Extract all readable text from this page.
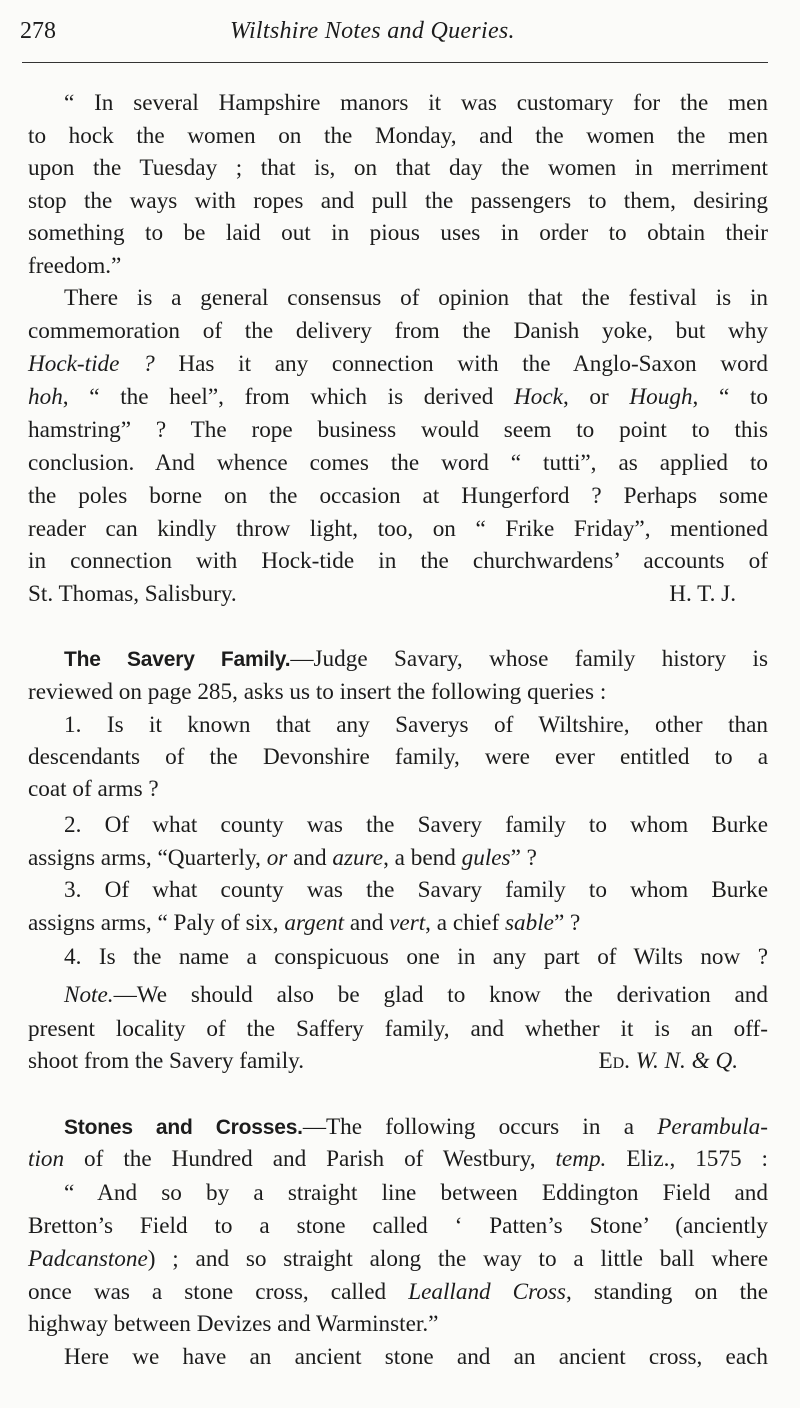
278	Wiltshire Notes and Queries.
“ In several Hampshire manors it was customary for the men
to hock the women on the Monday, and the women the men
upon the Tuesday ; that is, on that day the women in merriment
stop the ways with ropes and pull the passengers to them, desiring
something to be laid out in pious uses in order to obtain their
freedom.”
There is a general consensus of opinion that the festival is in
commemoration of the delivery from the Danish yoke, but why
Hock-tide ? Has it any connection with the Anglo-Saxon word
hoh, “ the heel”, from which is derived Hock, or Hough, “ to
hamstring” ? The rope business would seem to point to this
conclusion. And whence comes the word “ tutti”, as applied to
the poles borne on the occasion at Hungerford ? Perhaps some
reader can kindly throw light, too, on “ Frike Friday”, mentioned
in connection with Hock-tide in the churchwardens’ accounts of
St. Thomas, Salisbury.	H. T. J.
The Savery Family.—Judge Savary, whose family history is
reviewed on page 285, asks us to insert the following queries :
1. Is it known that any Saverys of Wiltshire, other than
descendants of the Devonshire family, were ever entitled to a
coat of arms ?
2. Of what county was the Savery family to whom Burke
assigns arms, “Quarterly, or and azure, a bend gules” ?
3. Of what county was the Savary family to whom Burke
assigns arms, “ Paly of six, argent and vert, a chief sable” ?
4. Is the name a conspicuous one in any part of Wilts now ?
Note.—We should also be glad to know the derivation and
present locality of the Saffery family, and whether it is an off-
shoot from the Savery family.	Ed. W. N. & Q.
Stones and Crosses.—The following occurs in a Perambula-
tion of the Hundred and Parish of Westbury, temp. Eliz., 1575 :
“ And so by a straight line between Eddington Field and
Bretton’s Field to a stone called ‘ Patten’s Stone’ (anciently
Padcanstone) ; and so straight along the way to a little ball where
once was a stone cross, called Lealland Cross, standing on the
highway between Devizes and Warminster.”
Here we have an ancient stone and an ancient cross, each
